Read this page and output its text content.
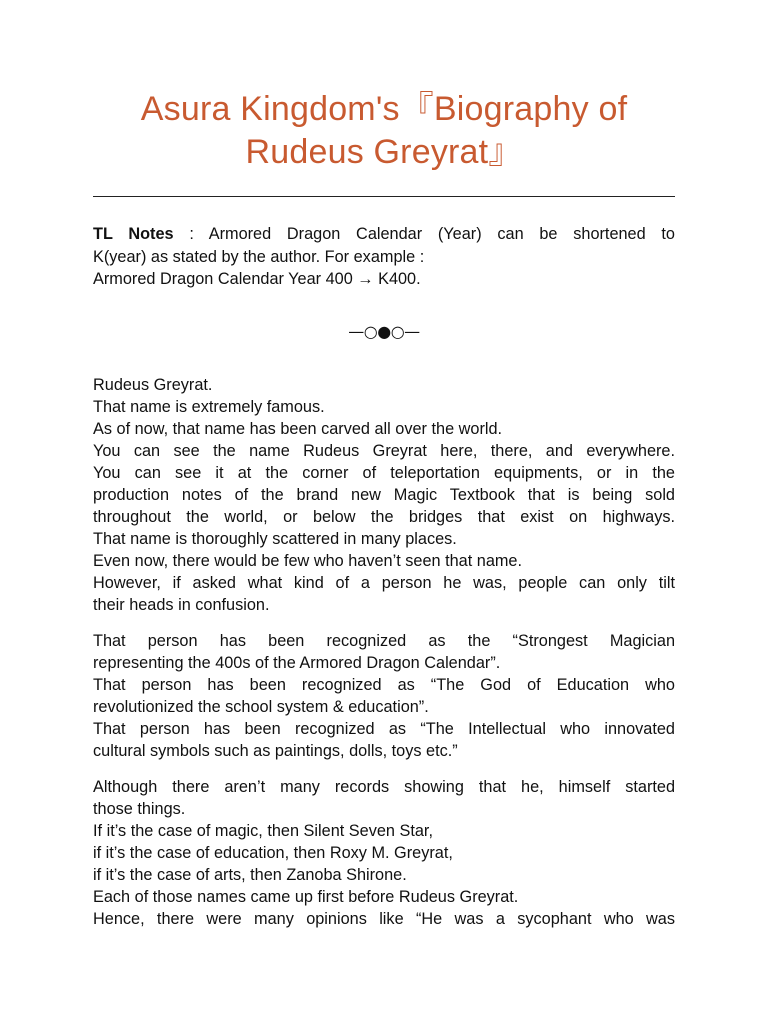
Asura Kingdom's『Biography of
Rudeus Greyrat』
TL Notes : Armored Dragon Calendar (Year) can be shortened to
K(year) as stated by the author. For example :
Armored Dragon Calendar Year 400 → K400.
—○●○—

Rudeus Greyrat.
That name is extremely famous.
As of now, that name has been carved all over the world.
You can see the name Rudeus Greyrat here, there, and everywhere.
You can see it at the corner of teleportation equipments, or in the
production notes of the brand new Magic Textbook that is being sold
throughout the world, or below the bridges that exist on highways.
That name is thoroughly scattered in many places.
Even now, there would be few who haven’t seen that name.
However, if asked what kind of a person he was, people can only tilt
their heads in confusion.

That person has been recognized as the “Strongest Magician
representing the 400s of the Armored Dragon Calendar”.
That person has been recognized as “The God of Education who
revolutionized the school system & education”.
That person has been recognized as “The Intellectual who innovated
cultural symbols such as paintings, dolls, toys etc.”

Although there aren’t many records showing that he, himself started
those things.
If it’s the case of magic, then Silent Seven Star,
if it’s the case of education, then Roxy M. Greyrat,
if it’s the case of arts, then Zanoba Shirone.
Each of those names came up first before Rudeus Greyrat.
Hence, there were many opinions like “He was a sycophant who was
